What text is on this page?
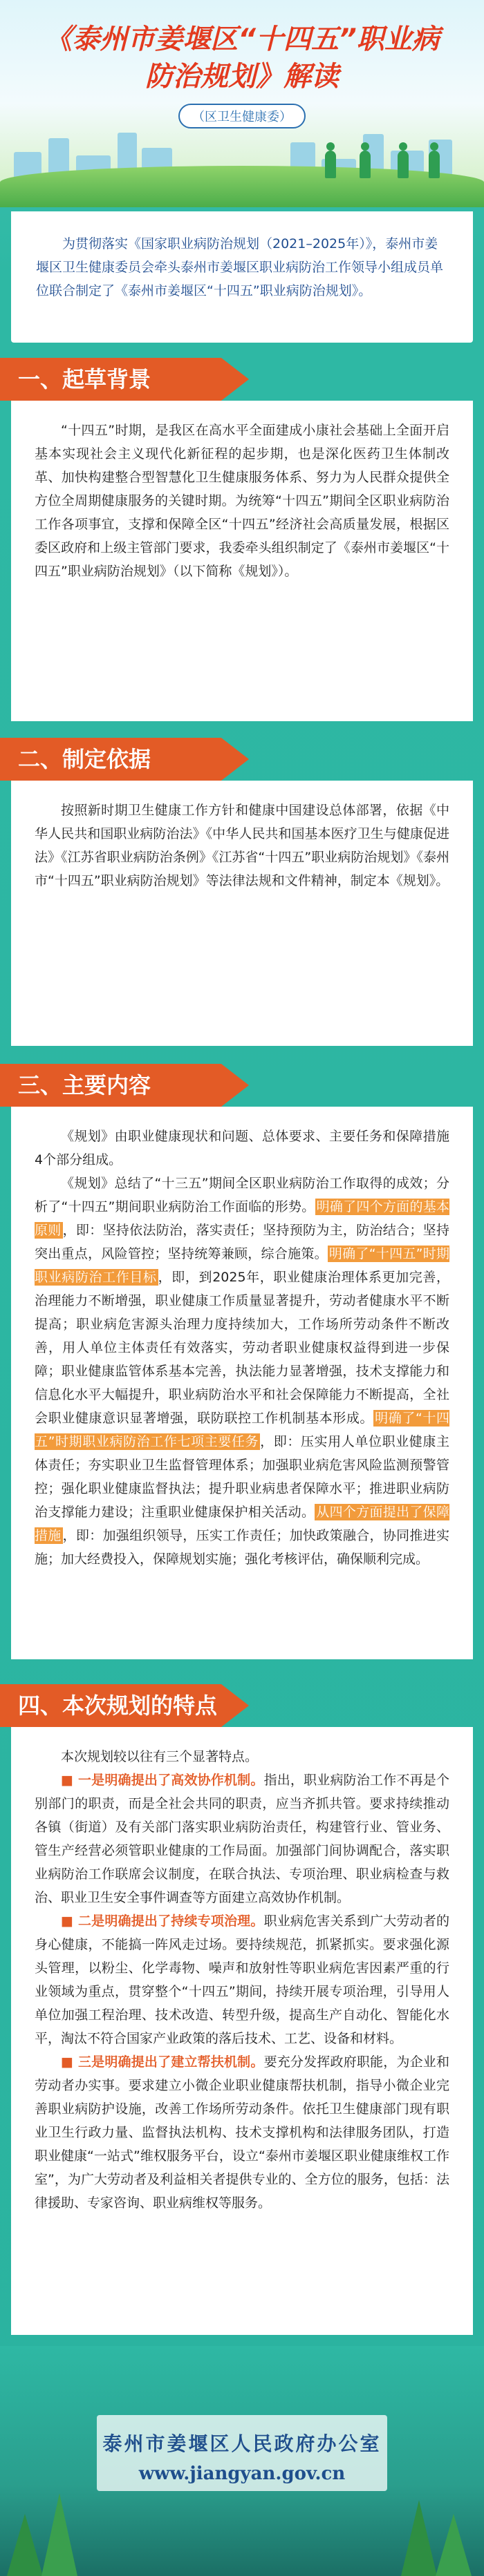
《泰州市姜堰区“十四五”职业病
防治规划》解读
（区卫生健康委）

为贯彻落实《国家职业病防治规划（2021–2025年）》，泰州市姜堰区卫生健康委员会牵头泰州市姜堰区职业病防治工作领导小组成员单位联合制定了《泰州市姜堰区“十四五”职业病防治规划》。

一、起草背景

“十四五”时期，是我区在高水平全面建成小康社会基础上全面开启基本实现社会主义现代化新征程的起步期，也是深化医药卫生体制改革、加快构建整合型智慧化卫生健康服务体系、努力为人民群众提供全方位全周期健康服务的关键时期。为统筹“十四五”期间全区职业病防治工作各项事宜，支撑和保障全区“十四五”经济社会高质量发展，根据区委区政府和上级主管部门要求，我委牵头组织制定了《泰州市姜堰区“十四五”职业病防治规划》（以下简称《规划》）。

二、制定依据

按照新时期卫生健康工作方针和健康中国建设总体部署，依据《中华人民共和国职业病防治法》《中华人民共和国基本医疗卫生与健康促进法》《江苏省职业病防治条例》《江苏省“十四五”职业病防治规划》《泰州市“十四五”职业病防治规划》等法律法规和文件精神，制定本《规划》。

三、主要内容

《规划》由职业健康现状和问题、总体要求、主要任务和保障措施4个部分组成。

《规划》总结了“十三五”期间全区职业病防治工作取得的成效；分析了“十四五”期间职业病防治工作面临的形势。 明确了四个方面的基本原则 ，即：坚持依法防治，落实责任；坚持预防为主，防治结合；坚持突出重点，风险管控；坚持统筹兼顾，综合施策。 明确了“十四五”时期职业病防治工作目标 ，即，到2025年，职业健康治理体系更加完善，治理能力不断增强，职业健康工作质量显著提升，劳动者健康水平不断提高；职业病危害源头治理力度持续加大，工作场所劳动条件不断改善，用人单位主体责任有效落实，劳动者职业健康权益得到进一步保障；职业健康监管体系基本完善，执法能力显著增强，技术支撑能力和信息化水平大幅提升，职业病防治水平和社会保障能力不断提高，全社会职业健康意识显著增强，联防联控工作机制基本形成。 明确了“十四五”时期职业病防治工作七项主要任务 ，即：压实用人单位职业健康主体责任；夯实职业卫生监督管理体系；加强职业病危害风险监测预警管控；强化职业健康监督执法；提升职业病患者保障水平；推进职业病防治支撑能力建设；注重职业健康保护相关活动。 从四个方面提出了保障措施 ，即：加强组织领导，压实工作责任；加快政策融合，协同推进实施；加大经费投入，保障规划实施；强化考核评估，确保顺利完成。

四、本次规划的特点

本次规划较以往有三个显著特点。

■ 一是明确提出了高效协作机制。指出，职业病防治工作不再是个别部门的职责，而是全社会共同的职责，应当齐抓共管。要求持续推动各镇（街道）及有关部门落实职业病防治责任，构建管行业、管业务、管生产经营必须管职业健康的工作局面。加强部门间协调配合，落实职业病防治工作联席会议制度，在联合执法、专项治理、职业病检查与救治、职业卫生安全事件调查等方面建立高效协作机制。

■ 二是明确提出了持续专项治理。职业病危害关系到广大劳动者的身心健康，不能搞一阵风走过场。要持续规范，抓紧抓实。要求强化源头管理，以粉尘、化学毒物、噪声和放射性等职业病危害因素严重的行业领域为重点，贯穿整个“十四五”期间，持续开展专项治理，引导用人单位加强工程治理、技术改造、转型升级，提高生产自动化、智能化水平，淘汰不符合国家产业政策的落后技术、工艺、设备和材料。

■ 三是明确提出了建立帮扶机制。要充分发挥政府职能，为企业和劳动者办实事。要求建立小微企业职业健康帮扶机制，指导小微企业完善职业病防护设施，改善工作场所劳动条件。依托卫生健康部门现有职业卫生行政力量、监督执法机构、技术支撑机构和法律服务团队，打造职业健康“一站式”维权服务平台，设立“泰州市姜堰区职业健康维权工作室”，为广大劳动者及利益相关者提供专业的、全方位的服务，包括：法律援助、专家咨询、职业病维权等服务。

泰州市姜堰区人民政府办公室
www.jiangyan.gov.cn
